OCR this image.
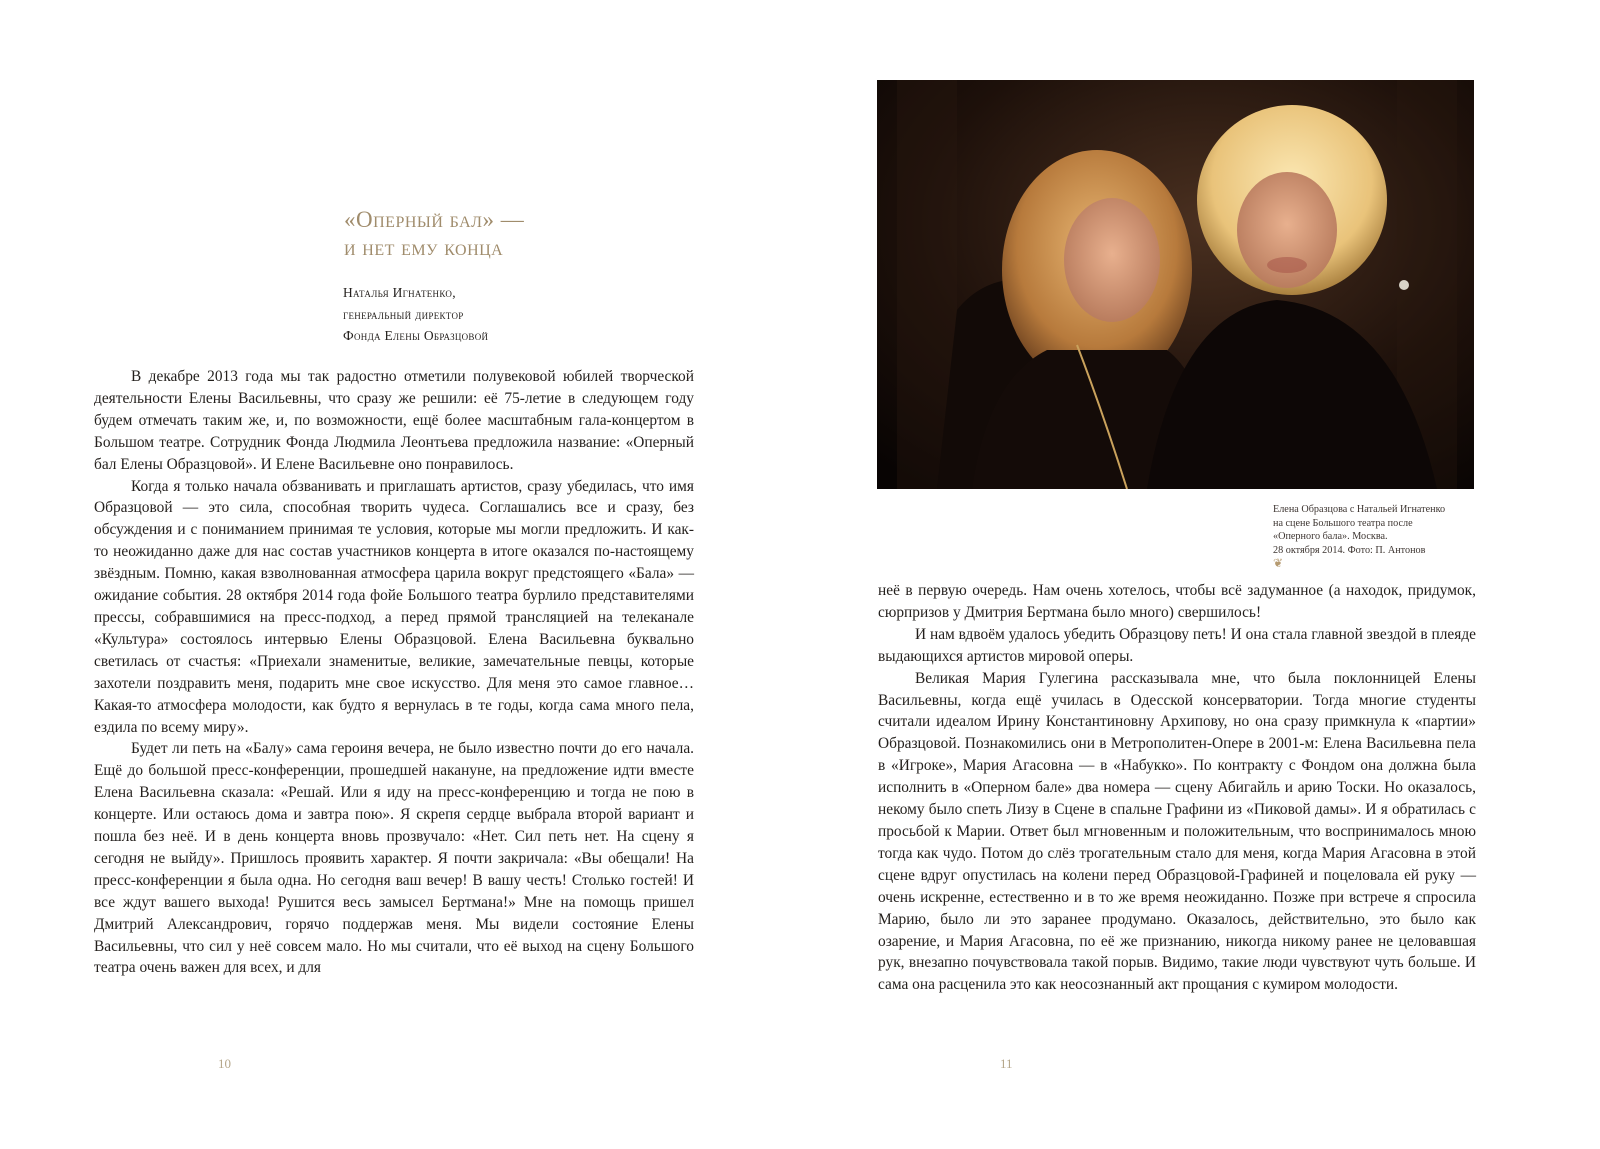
«Оперный бал» —
и нет ему конца
Наталья Игнатенко,
генеральный директор
Фонда Елены Образцовой

В декабре 2013 года мы так радостно отметили полувековой юбилей творческой деятельности Елены Васильевны, что сразу же решили: её 75-летие в следующем году будем отмечать таким же, и, по возможности, ещё более масштабным гала-концертом в Большом театре. Сотрудник Фонда Людмила Леонтьева предложила название: «Оперный бал Елены Образцовой». И Елене Васильевне оно понравилось.

Когда я только начала обзванивать и приглашать артистов, сразу убедилась, что имя Образцовой — это сила, способная творить чудеса. Соглашались все и сразу, без обсуждения и с пониманием принимая те условия, которые мы могли предложить. И как-то неожиданно даже для нас состав участников концерта в итоге оказался по-настоящему звёздным. Помню, какая взволнованная атмосфера царила вокруг предстоящего «Бала» — ожидание события. 28 октября 2014 года фойе Большого театра бурлило представителями прессы, собравшимися на пресс-подход, а перед прямой трансляцией на телеканале «Культура» состоялось интервью Елены Образцовой. Елена Васильевна буквально светилась от счастья: «Приехали знаменитые, великие, замечательные певцы, которые захотели поздравить меня, подарить мне свое искусство. Для меня это самое главное… Какая-то атмосфера молодости, как будто я вернулась в те годы, когда сама много пела, ездила по всему миру».

Будет ли петь на «Балу» сама героиня вечера, не было известно почти до его начала. Ещё до большой пресс-конференции, прошедшей накануне, на предложение идти вместе Елена Васильевна сказала: «Решай. Или я иду на пресс-конференцию и тогда не пою в концерте. Или остаюсь дома и завтра пою». Я скрепя сердце выбрала второй вариант и пошла без неё. И в день концерта вновь прозвучало: «Нет. Сил петь нет. На сцену я сегодня не выйду». Пришлось проявить характер. Я почти закричала: «Вы обещали! На пресс-конференции я была одна. Но сегодня ваш вечер! В вашу честь! Столько гостей! И все ждут вашего выхода! Рушится весь замысел Бертмана!» Мне на помощь пришел Дмитрий Александрович, горячо поддержав меня. Мы видели состояние Елены Васильевны, что сил у неё совсем мало. Но мы считали, что её выход на сцену Большого театра очень важен для всех, и для

10
Елена Образцова с Натальей Игнатенко
на сцене Большого театра после
«Оперного бала». Москва.
28 октября 2014. Фото: П. Антонов
❦

неё в первую очередь. Нам очень хотелось, чтобы всё задуманное (а находок, придумок, сюрпризов у Дмитрия Бертмана было много) свершилось!

И нам вдвоём удалось убедить Образцову петь! И она стала главной звездой в плеяде выдающихся артистов мировой оперы.

Великая Мария Гулегина рассказывала мне, что была поклонницей Елены Васильевны, когда ещё училась в Одесской консерватории. Тогда многие студенты считали идеалом Ирину Константиновну Архипову, но она сразу примкнула к «партии» Образцовой. Познакомились они в Метрополитен-Опере в 2001-м: Елена Васильевна пела в «Игроке», Мария Агасовна — в «Набукко». По контракту с Фондом она должна была исполнить в «Оперном бале» два номера — сцену Абигайль и арию Тоски. Но оказалось, некому было спеть Лизу в Сцене в спальне Графини из «Пиковой дамы». И я обратилась с просьбой к Марии. Ответ был мгновенным и положительным, что воспринималось мною тогда как чудо. Потом до слёз трогательным стало для меня, когда Мария Агасовна в этой сцене вдруг опустилась на колени перед Образцовой-Графиней и поцеловала ей руку — очень искренне, естественно и в то же время неожиданно. Позже при встрече я спросила Марию, было ли это заранее продумано. Оказалось, действительно, это было как озарение, и Мария Агасовна, по её же признанию, никогда никому ранее не целовавшая рук, внезапно почувствовала такой порыв. Видимо, такие люди чувствуют чуть больше. И сама она расценила это как неосознанный акт прощания с кумиром молодости.

11
